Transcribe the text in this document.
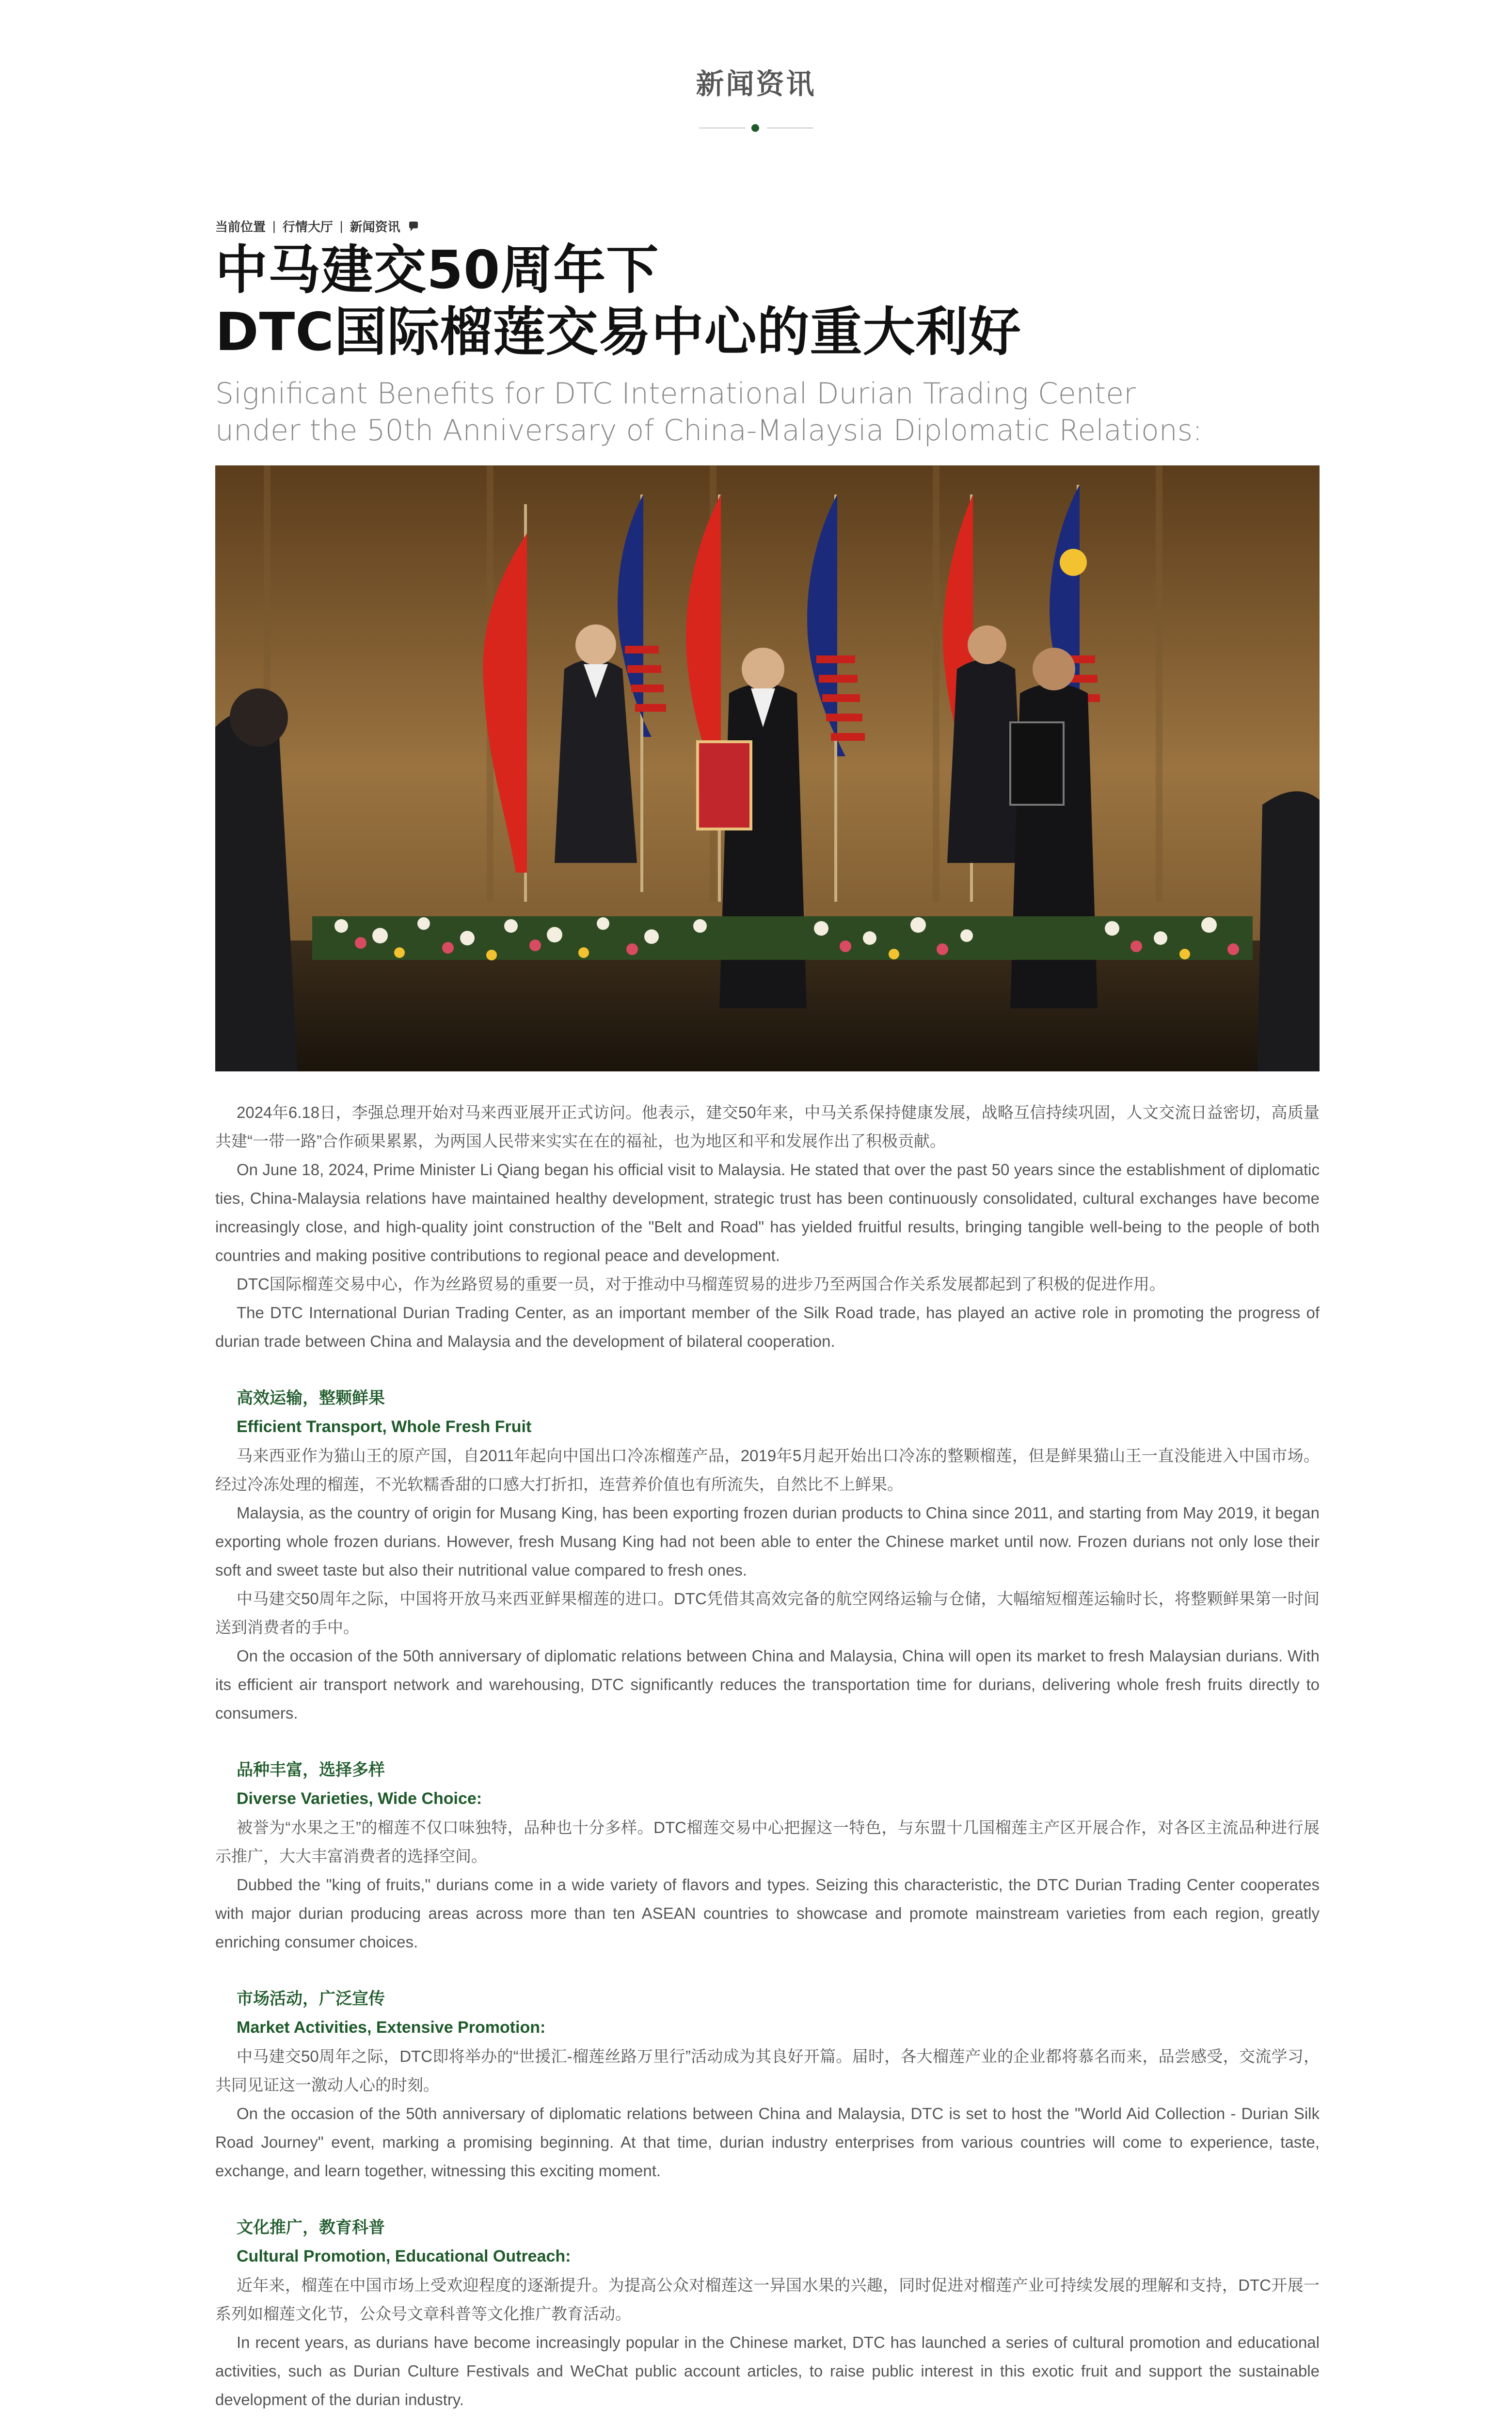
新闻资讯
当前位置 | 行情大厅 | 新闻资讯
中马建交50周年下
DTC国际榴莲交易中心的重大利好
Significant Benefits for DTC International Durian Trading Center
under the 50th Anniversary of China-Malaysia Diplomatic Relations:

2024年6.18日，李强总理开始对马来西亚展开正式访问。他表示，建交50年来，中马关系保持健康发展，战略互信持续巩固，人文交流日益密切，高质量共建“一带一路”合作硕果累累，为两国人民带来实实在在的福祉，也为地区和平和发展作出了积极贡献。

On June 18, 2024, Prime Minister Li Qiang began his official visit to Malaysia. He stated that over the past 50 years since the establishment of diplomatic ties, China-Malaysia relations have maintained healthy development, strategic trust has been continuously consolidated, cultural exchanges have become increasingly close, and high-quality joint construction of the "Belt and Road" has yielded fruitful results, bringing tangible well-being to the people of both countries and making positive contributions to regional peace and development.

DTC国际榴莲交易中心，作为丝路贸易的重要一员，对于推动中马榴莲贸易的进步乃至两国合作关系发展都起到了积极的促进作用。

The DTC International Durian Trading Center, as an important member of the Silk Road trade, has played an active role in promoting the progress of durian trade between China and Malaysia and the development of bilateral cooperation.

高效运输，整颗鲜果
Efficient Transport, Whole Fresh Fruit

马来西亚作为猫山王的原产国，自2011年起向中国出口冷冻榴莲产品，2019年5月起开始出口冷冻的整颗榴莲，但是鲜果猫山王一直没能进入中国市场。经过冷冻处理的榴莲，不光软糯香甜的口感大打折扣，连营养价值也有所流失，自然比不上鲜果。

Malaysia, as the country of origin for Musang King, has been exporting frozen durian products to China since 2011, and starting from May 2019, it began exporting whole frozen durians. However, fresh Musang King had not been able to enter the Chinese market until now. Frozen durians not only lose their soft and sweet taste but also their nutritional value compared to fresh ones.

中马建交50周年之际，中国将开放马来西亚鲜果榴莲的进口。DTC凭借其高效完备的航空网络运输与仓储，大幅缩短榴莲运输时长，将整颗鲜果第一时间送到消费者的手中。

On the occasion of the 50th anniversary of diplomatic relations between China and Malaysia, China will open its market to fresh Malaysian durians. With its efficient air transport network and warehousing, DTC significantly reduces the transportation time for durians, delivering whole fresh fruits directly to consumers.

品种丰富，选择多样
Diverse Varieties, Wide Choice:

被誉为“水果之王”的榴莲不仅口味独特，品种也十分多样。DTC榴莲交易中心把握这一特色，与东盟十几国榴莲主产区开展合作，对各区主流品种进行展示推广，大大丰富消费者的选择空间。

Dubbed the "king of fruits," durians come in a wide variety of flavors and types. Seizing this characteristic, the DTC Durian Trading Center cooperates with major durian producing areas across more than ten ASEAN countries to showcase and promote mainstream varieties from each region, greatly enriching consumer choices.

市场活动，广泛宣传
Market Activities, Extensive Promotion:

中马建交50周年之际，DTC即将举办的“世援汇-榴莲丝路万里行”活动成为其良好开篇。届时，各大榴莲产业的企业都将慕名而来，品尝感受，交流学习，共同见证这一激动人心的时刻。

On the occasion of the 50th anniversary of diplomatic relations between China and Malaysia, DTC is set to host the "World Aid Collection - Durian Silk Road Journey" event, marking a promising beginning. At that time, durian industry enterprises from various countries will come to experience, taste, exchange, and learn together, witnessing this exciting moment.

文化推广，教育科普
Cultural Promotion, Educational Outreach:

近年来，榴莲在中国市场上受欢迎程度的逐渐提升。为提高公众对榴莲这一异国水果的兴趣，同时促进对榴莲产业可持续发展的理解和支持，DTC开展一系列如榴莲文化节，公众号文章科普等文化推广教育活动。

In recent years, as durians have become increasingly popular in the Chinese market, DTC has launched a series of cultural promotion and educational activities, such as Durian Culture Festivals and WeChat public account articles, to raise public interest in this exotic fruit and support the sustainable development of the durian industry.
